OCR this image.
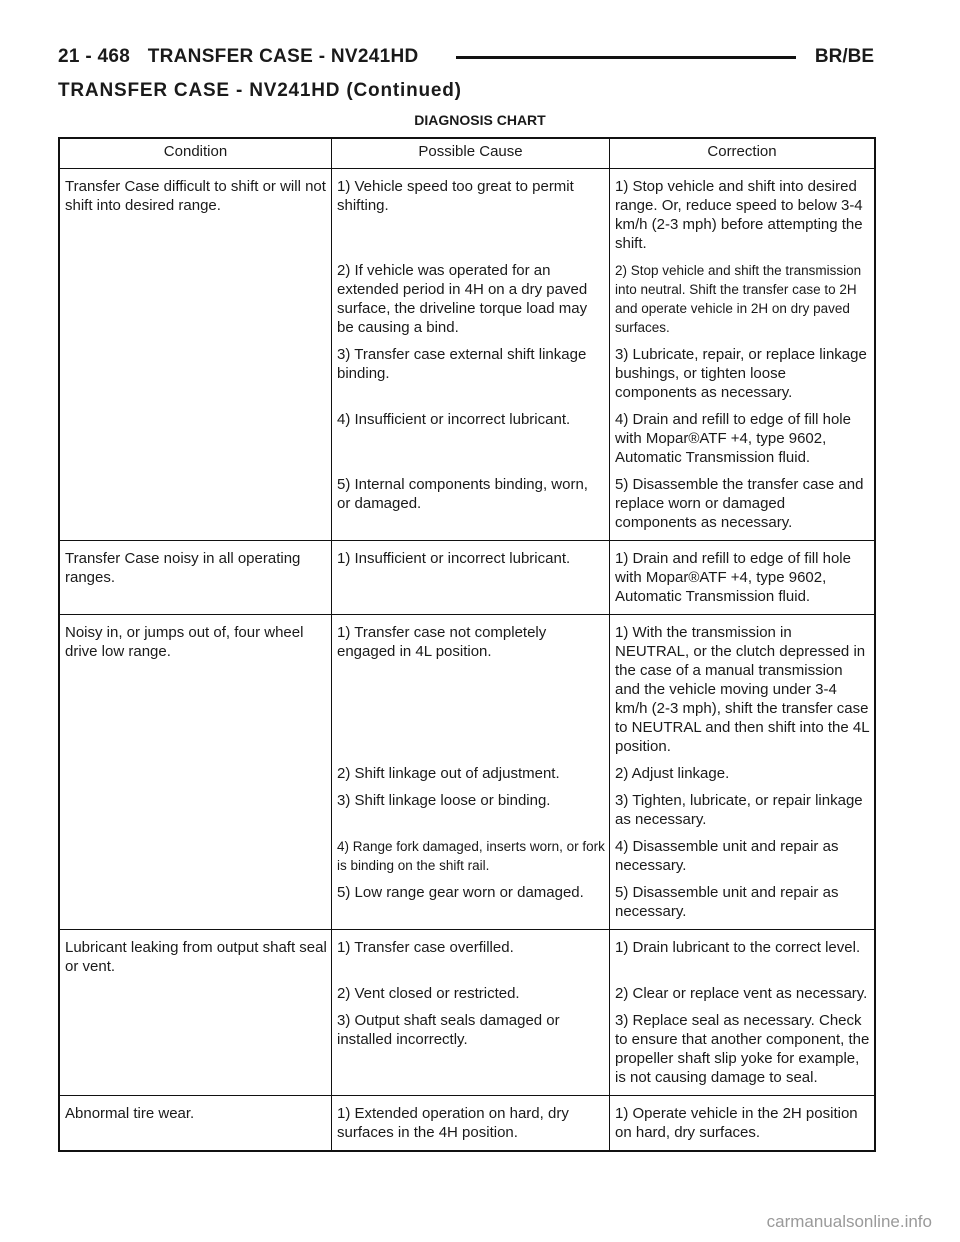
21 - 468 TRANSFER CASE - NV241HD	BR/BE
TRANSFER CASE - NV241HD (Continued)
DIAGNOSIS CHART
Condition	Possible Cause	Correction
Transfer Case difficult to shift or will not shift into desired range.	1) Vehicle speed too great to permit shifting.	1) Stop vehicle and shift into desired range. Or, reduce speed to below 3-4 km/h (2-3 mph) before attempting the shift.
	2) If vehicle was operated for an extended period in 4H on a dry paved surface, the driveline torque load may be causing a bind.	2) Stop vehicle and shift the transmission into neutral. Shift the transfer case to 2H and operate vehicle in 2H on dry paved surfaces.
	3) Transfer case external shift linkage binding.	3) Lubricate, repair, or replace linkage bushings, or tighten loose components as necessary.
	4) Insufficient or incorrect lubricant.	4) Drain and refill to edge of fill hole with Mopar®ATF +4, type 9602, Automatic Transmission fluid.
	5) Internal components binding, worn, or damaged.	5) Disassemble the transfer case and replace worn or damaged components as necessary.
Transfer Case noisy in all operating ranges.	1) Insufficient or incorrect lubricant.	1) Drain and refill to edge of fill hole with Mopar®ATF +4, type 9602, Automatic Transmission fluid.
Noisy in, or jumps out of, four wheel drive low range.	1) Transfer case not completely engaged in 4L position.	1) With the transmission in NEUTRAL, or the clutch depressed in the case of a manual transmission and the vehicle moving under 3-4 km/h (2-3 mph), shift the transfer case to NEUTRAL and then shift into the 4L position.
	2) Shift linkage out of adjustment.	2) Adjust linkage.
	3) Shift linkage loose or binding.	3) Tighten, lubricate, or repair linkage as necessary.
	4) Range fork damaged, inserts worn, or fork is binding on the shift rail.	4) Disassemble unit and repair as necessary.
	5) Low range gear worn or damaged.	5) Disassemble unit and repair as necessary.
Lubricant leaking from output shaft seal or vent.	1) Transfer case overfilled.	1) Drain lubricant to the correct level.
	2) Vent closed or restricted.	2) Clear or replace vent as necessary.
	3) Output shaft seals damaged or installed incorrectly.	3) Replace seal as necessary. Check to ensure that another component, the propeller shaft slip yoke for example, is not causing damage to seal.
Abnormal tire wear.	1) Extended operation on hard, dry surfaces in the 4H position.	1) Operate vehicle in the 2H position on hard, dry surfaces.
carmanualsonline.info
